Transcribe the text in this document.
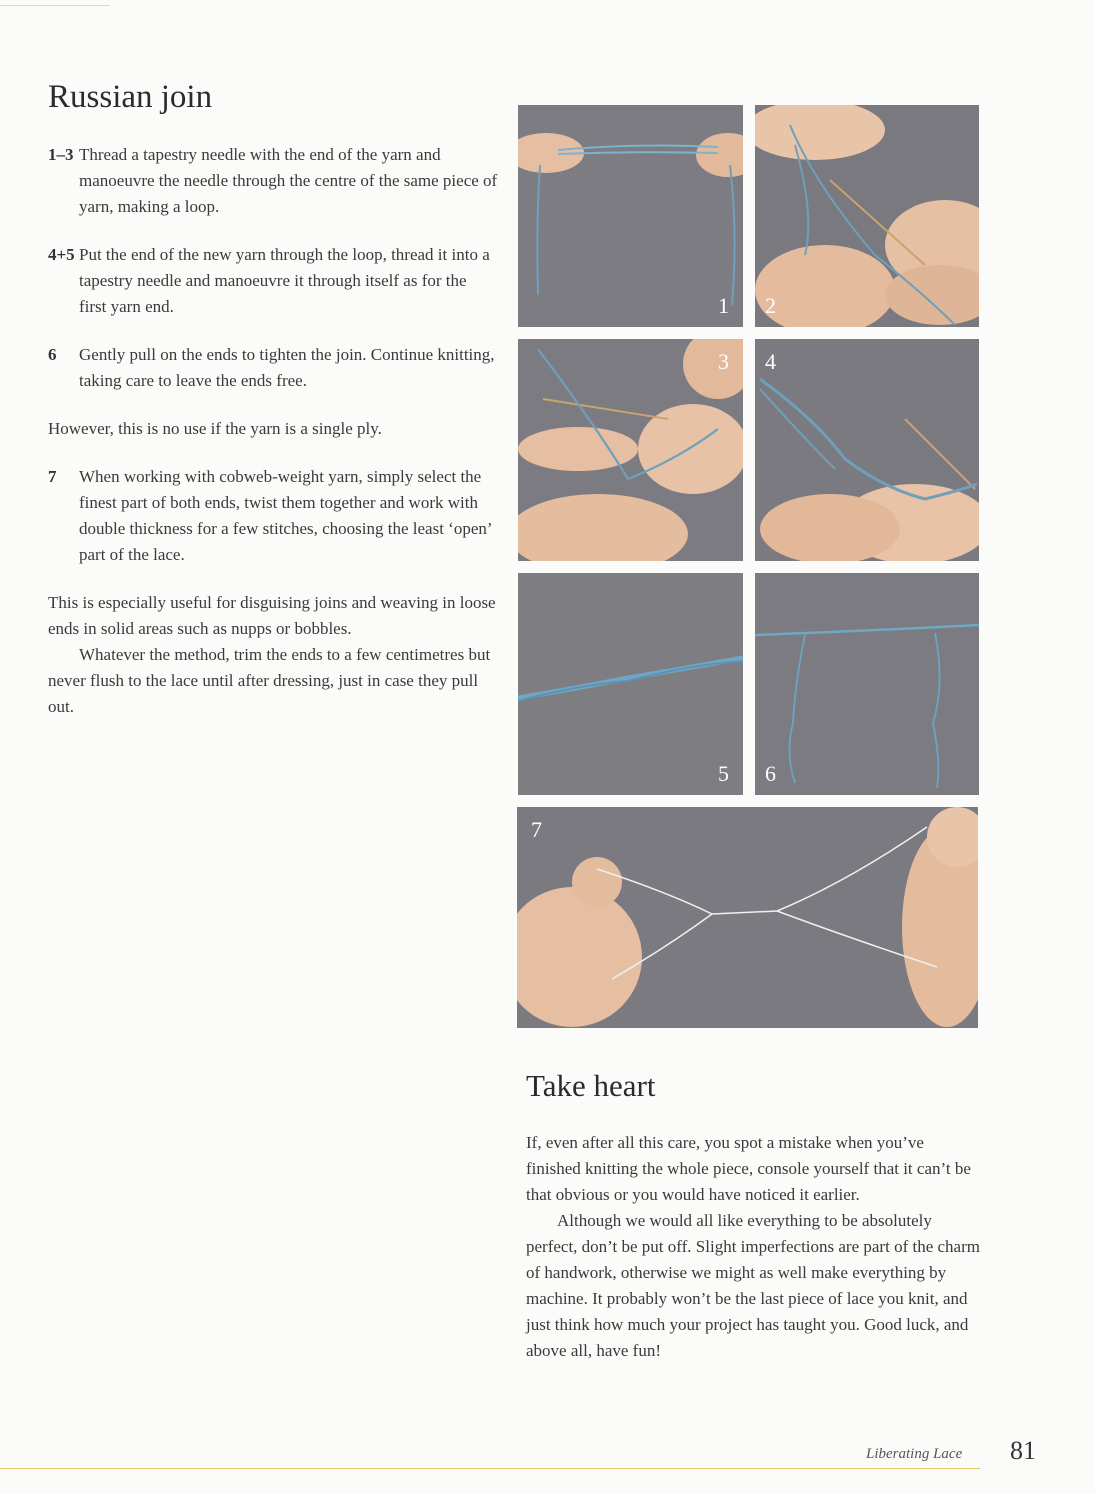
Russian join
1–3 Thread a tapestry needle with the end of the yarn and manoeuvre the needle through the centre of the same piece of yarn, making a loop.
4+5 Put the end of the new yarn through the loop, thread it into a tapestry needle and manoeuvre it through itself as for the first yarn end.
6 Gently pull on the ends to tighten the join. Continue knitting, taking care to leave the ends free.

However, this is no use if the yarn is a single ply.

7 When working with cobweb-weight yarn, simply select the finest part of both ends, twist them together and work with double thickness for a few stitches, choosing the least ‘open’ part of the lace.

This is especially useful for disguising joins and weaving in loose ends in solid areas such as nupps or bobbles.

Whatever the method, trim the ends to a few centimetres but never flush to the lace until after dressing, just in case they pull out.

1 2
3 4
5 6
7
Take heart

If, even after all this care, you spot a mistake when you’ve finished knitting the whole piece, console yourself that it can’t be that obvious or you would have noticed it earlier.

Although we would all like everything to be absolutely perfect, don’t be put off. Slight imperfections are part of the charm of handwork, otherwise we might as well make everything by machine. It probably won’t be the last piece of lace you knit, and just think how much your project has taught you. Good luck, and above all, have fun!

Liberating Lace 81
